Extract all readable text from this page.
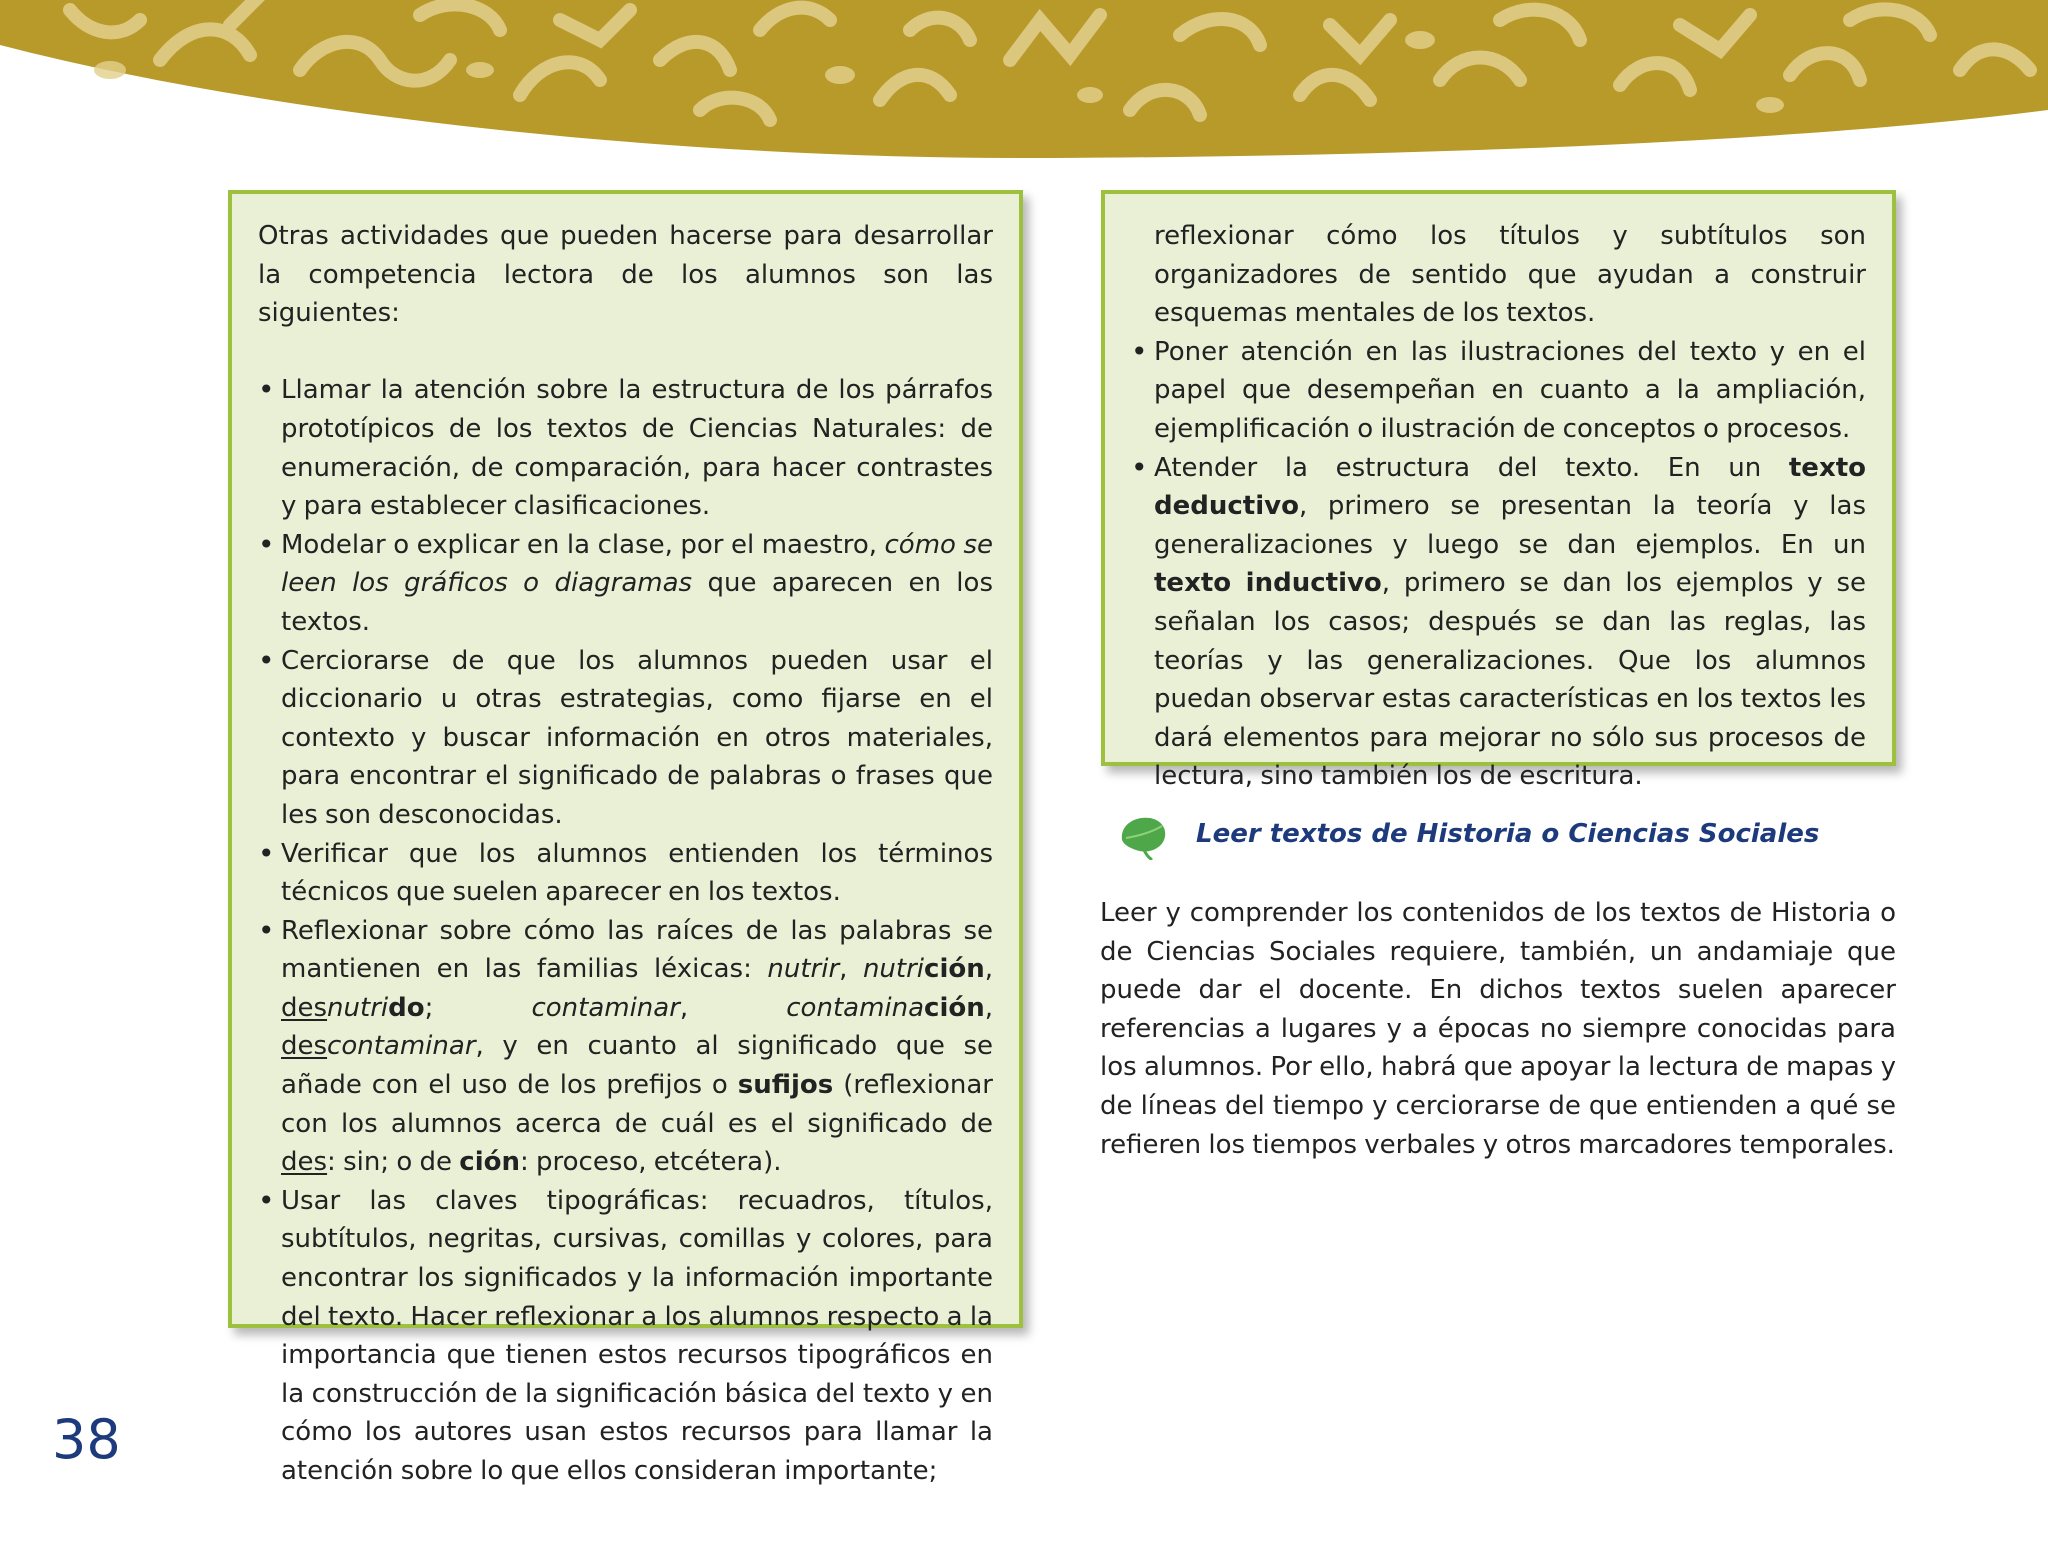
Otras actividades que pueden hacerse para desarrollar la competencia lectora de los alumnos son las siguientes:

• Llamar la atención sobre la estructura de los párrafos prototípicos de los textos de Ciencias Naturales: de enumeración, de comparación, para hacer contrastes y para establecer clasificaciones.
• Modelar o explicar en la clase, por el maestro, cómo se leen los gráficos o diagramas que aparecen en los textos.
• Cerciorarse de que los alumnos pueden usar el diccionario u otras estrategias, como fijarse en el contexto y buscar información en otros materiales, para encontrar el significado de palabras o frases que les son desconocidas.
• Verificar que los alumnos entienden los términos técnicos que suelen aparecer en los textos.
• Reflexionar sobre cómo las raíces de las palabras se mantienen en las familias léxicas: nutrir, nutrición, desnutrido; contaminar, contaminación, descontaminar, y en cuanto al significado que se añade con el uso de los prefijos o sufijos (reflexionar con los alumnos acerca de cuál es el significado de des: sin; o de ción: proceso, etcétera).
• Usar las claves tipográficas: recuadros, títulos, subtítulos, negritas, cursivas, comillas y colores, para encontrar los significados y la información importante del texto. Hacer reflexionar a los alumnos respecto a la importancia que tienen estos recursos tipográficos en la construcción de la significación básica del texto y en cómo los autores usan estos recursos para llamar la atención sobre lo que ellos consideran importante;

reflexionar cómo los títulos y subtítulos son organizadores de sentido que ayudan a construir esquemas mentales de los textos.

• Poner atención en las ilustraciones del texto y en el papel que desempeñan en cuanto a la ampliación, ejemplificación o ilustración de conceptos o procesos.
• Atender la estructura del texto. En un texto deductivo, primero se presentan la teoría y las generalizaciones y luego se dan ejemplos. En un texto inductivo, primero se dan los ejemplos y se señalan los casos; después se dan las reglas, las teorías y las generalizaciones. Que los alumnos puedan observar estas características en los textos les dará elementos para mejorar no sólo sus procesos de lectura, sino también los de escritura.
Leer textos de Historia o Ciencias Sociales

Leer y comprender los contenidos de los textos de Historia o de Ciencias Sociales requiere, también, un andamiaje que puede dar el docente. En dichos textos suelen aparecer referencias a lugares y a épocas no siempre conocidas para los alumnos. Por ello, habrá que apoyar la lectura de mapas y de líneas del tiempo y cerciorarse de que entienden a qué se refieren los tiempos verbales y otros marcadores temporales.

38
